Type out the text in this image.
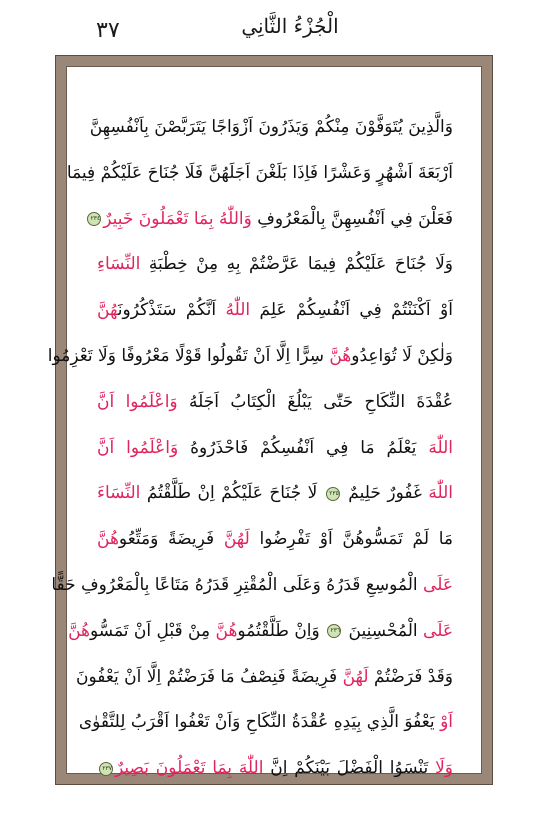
٣٧	الْجُزْءُ الثَّانِي
وَالَّذِينَ يُتَوَفَّوْنَ مِنْكُمْ وَيَذَرُونَ اَزْوَاجًا يَتَرَبَّصْنَ بِاَنْفُسِهِنَّ
اَرْبَعَةَ اَشْهُرٍ وَعَشْرًا فَاِذَا بَلَغْنَ اَجَلَهُنَّ فَلَا جُنَاحَ عَلَيْكُمْ فِيمَا
فَعَلْنَ فِي اَنْفُسِهِنَّ بِالْمَعْرُوفِ وَاللّٰهُ بِمَا تَعْمَلُونَ خَبِيرٌ٢٣٤
وَلَا جُنَاحَ عَلَيْكُمْ فِيمَا عَرَّضْتُمْ بِهِ مِنْ خِطْبَةِ النِّسَاءِ
اَوْ اَكْنَنْتُمْ فِي اَنْفُسِكُمْ عَلِمَ اللّٰهُ اَنَّكُمْ سَتَذْكُرُونَهُنَّ
وَلٰكِنْ لَا تُوَاعِدُوهُنَّ سِرًّا اِلَّا اَنْ تَقُولُوا قَوْلًا مَعْرُوفًا وَلَا تَعْزِمُوا
عُقْدَةَ النِّكَاحِ حَتّٰى يَبْلُغَ الْكِتَابُ اَجَلَهُ وَاعْلَمُوا اَنَّ
اللّٰهَ يَعْلَمُ مَا فِي اَنْفُسِكُمْ فَاحْذَرُوهُ وَاعْلَمُوا اَنَّ
اللّٰهَ غَفُورٌ حَلِيمٌ ٢٣٥ لَا جُنَاحَ عَلَيْكُمْ اِنْ طَلَّقْتُمُ النِّسَاءَ
مَا لَمْ تَمَسُّوهُنَّ اَوْ تَفْرِضُوا لَهُنَّ فَرِيضَةً وَمَتِّعُوهُنَّ
عَلَى الْمُوسِعِ قَدَرُهُ وَعَلَى الْمُقْتِرِ قَدَرُهُ مَتَاعًا بِالْمَعْرُوفِ حَقًّا
عَلَى الْمُحْسِنِينَ ٢٣٦ وَاِنْ طَلَّقْتُمُوهُنَّ مِنْ قَبْلِ اَنْ تَمَسُّوهُنَّ
وَقَدْ فَرَضْتُمْ لَهُنَّ فَرِيضَةً فَنِصْفُ مَا فَرَضْتُمْ اِلَّا اَنْ يَعْفُونَ
اَوْ يَعْفُوَ الَّذِي بِيَدِهِ عُقْدَةُ النِّكَاحِ وَاَنْ تَعْفُوا اَقْرَبُ لِلتَّقْوٰى
وَلَا تَنْسَوُا الْفَضْلَ بَيْنَكُمْ اِنَّ اللّٰهَ بِمَا تَعْمَلُونَ بَصِيرٌ٢٣٧
